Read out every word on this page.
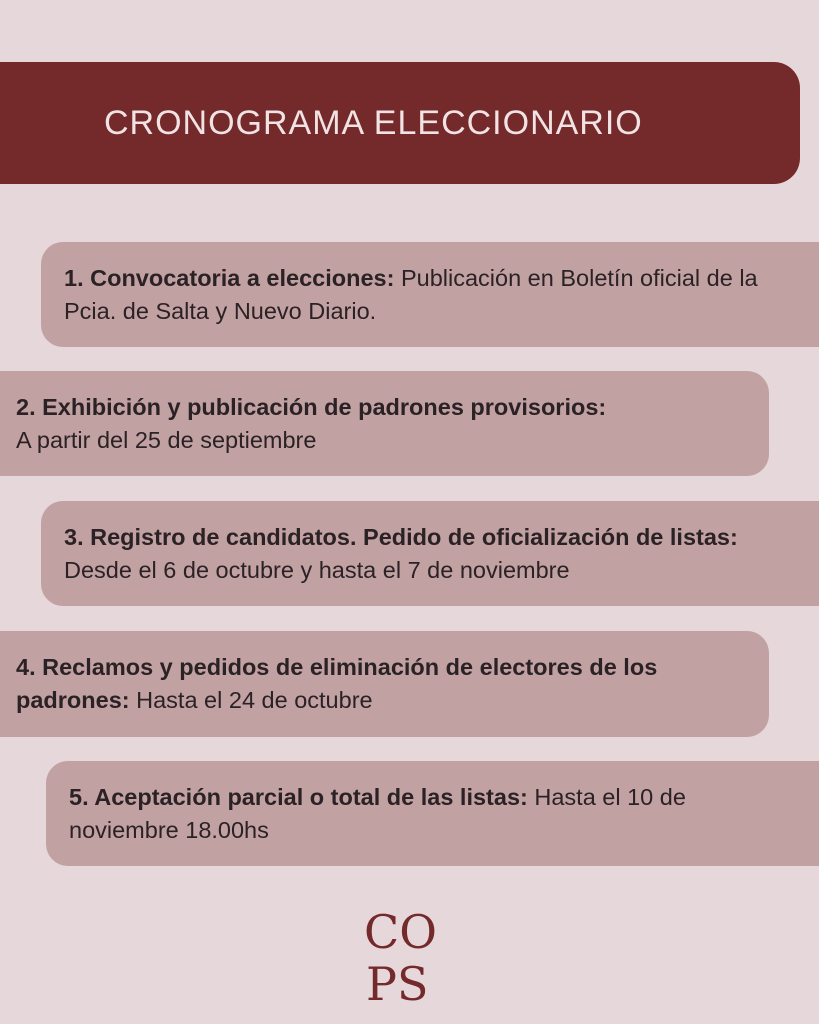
CRONOGRAMA ELECCIONARIO

1. Convocatoria a elecciones: Publicación en Boletín oficial de la Pcia. de Salta y Nuevo Diario.

2. Exhibición y publicación de padrones provisorios:
A partir del 25 de septiembre

3. Registro de candidatos. Pedido de oficialización de listas: Desde el 6 de octubre y hasta el 7 de noviembre

4. Reclamos y pedidos de eliminación de electores de los padrones: Hasta el 24 de octubre

5. Aceptación parcial o total de las listas: Hasta el 10 de noviembre 18.00hs

CO
PS
